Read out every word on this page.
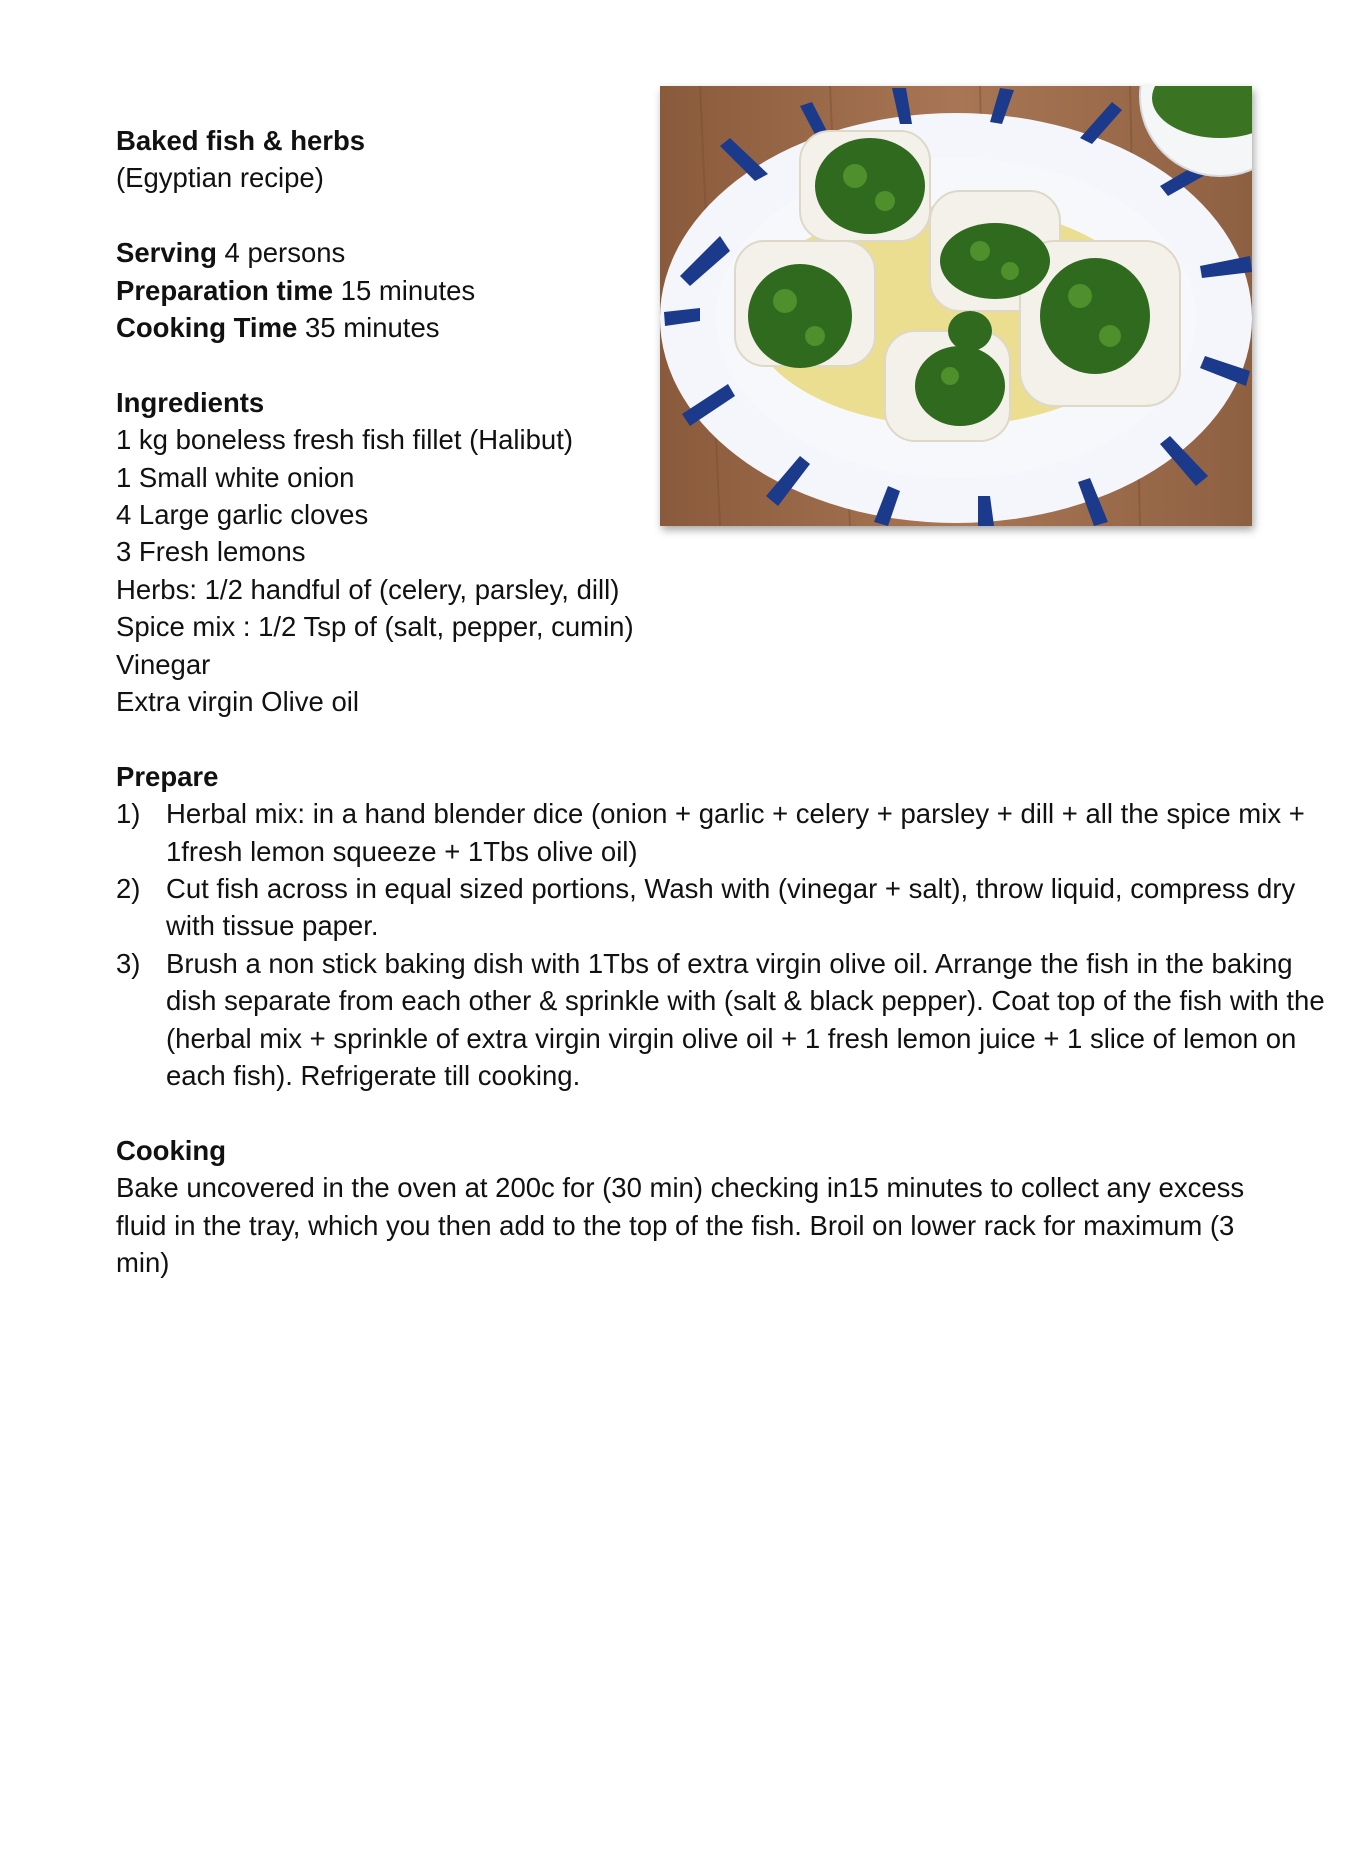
Baked fish & herbs
(Egyptian recipe)
Serving 4 persons
Preparation time 15 minutes
Cooking Time 35 minutes
Ingredients
1 kg boneless fresh fish fillet (Halibut)
1 Small white onion
4 Large garlic cloves
3 Fresh lemons
Herbs: 1/2 handful of (celery, parsley, dill)
Spice mix : 1/2 Tsp of (salt, pepper, cumin)
Vinegar
Extra virgin Olive oil
Prepare
1) Herbal mix: in a hand blender dice (onion + garlic + celery + parsley + dill + all the spice mix + 1fresh lemon squeeze + 1Tbs olive oil)
2) Cut fish across in equal sized portions, Wash with (vinegar + salt), throw liquid, compress dry with tissue paper.
3) Brush a non stick baking dish with 1Tbs of extra virgin olive oil. Arrange the fish in the baking dish separate from each other & sprinkle with (salt & black pepper). Coat top of the fish with the (herbal mix + sprinkle of extra virgin virgin olive oil + 1 fresh lemon juice + 1 slice of lemon on each fish). Refrigerate till cooking.
Cooking
Bake uncovered in the oven at 200c for (30 min) checking in15 minutes to collect any excess fluid in the tray, which you then add to the top of the fish. Broil on lower rack for maximum (3 min)
